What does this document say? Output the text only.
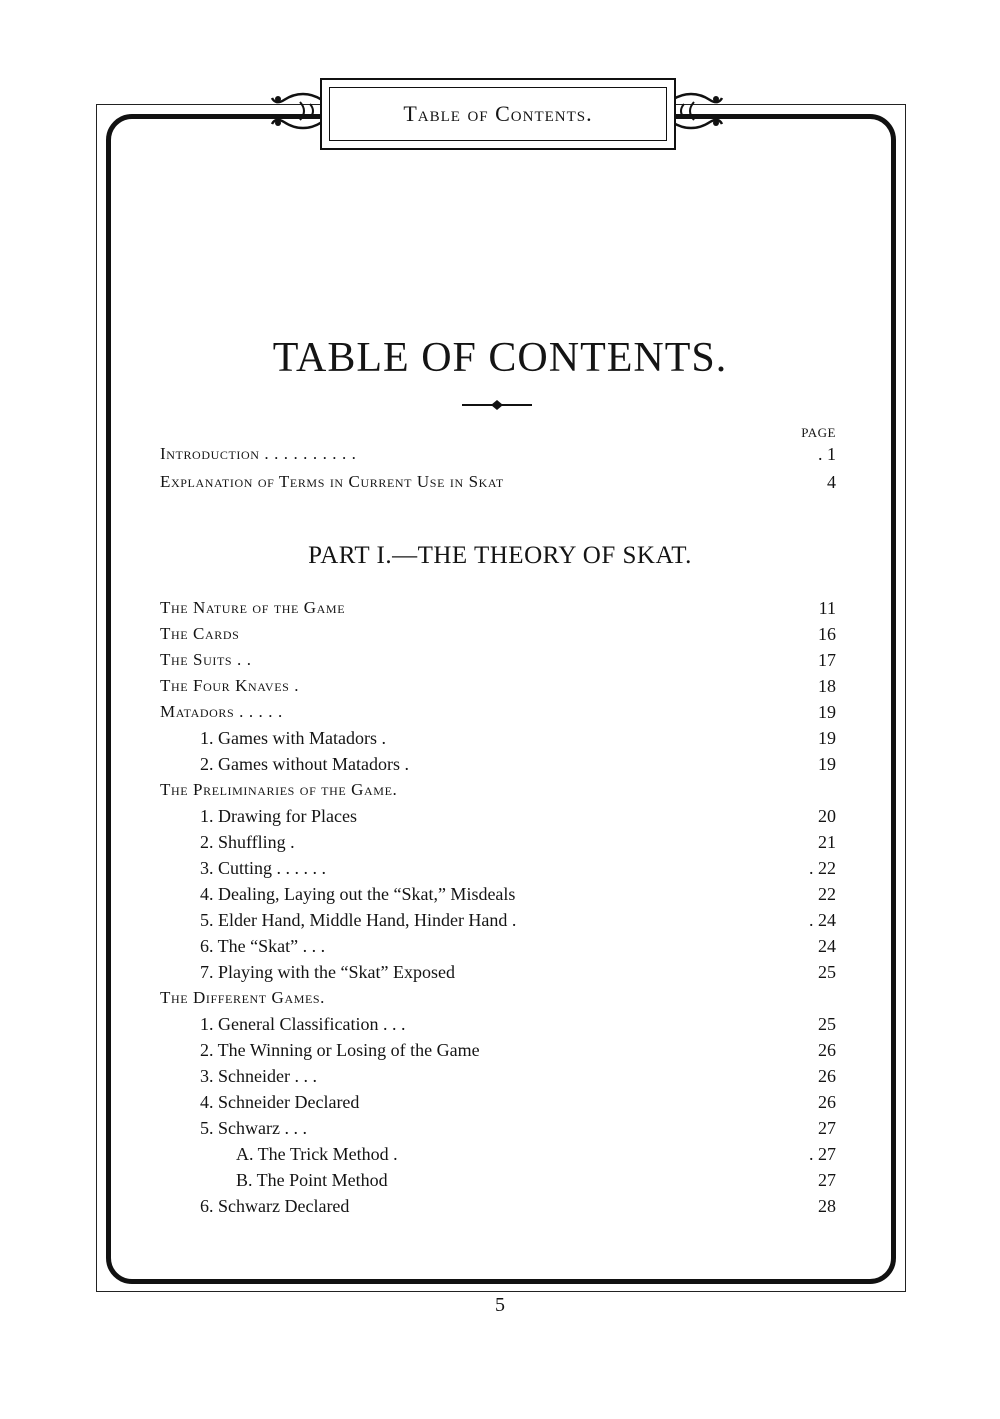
Table of Contents.
TABLE OF CONTENTS.
PAGE
Introduction . . . . . . . . . .	. 1
Explanation of Terms in Current Use in Skat	4
PART I.—THE THEORY OF SKAT.
The Nature of the Game	11
The Cards	16
The Suits . .	17
The Four Knaves .	18
Matadors . . . . .	19
1. Games with Matadors .	19
2. Games without Matadors .	19
The Preliminaries of the Game.
1. Drawing for Places	20
2. Shuffling .	21
3. Cutting . . . . . .	. 22
4. Dealing, Laying out the “Skat,” Misdeals	22
5. Elder Hand, Middle Hand, Hinder Hand .	. 24
6. The “Skat” . . .	24
7. Playing with the “Skat” Exposed	25
The Different Games.
1. General Classification . . .	25
2. The Winning or Losing of the Game	26
3. Schneider . . .	26
4. Schneider Declared	26
5. Schwarz . . .	27
A. The Trick Method .	. 27
B. The Point Method	27
6. Schwarz Declared	28
5
